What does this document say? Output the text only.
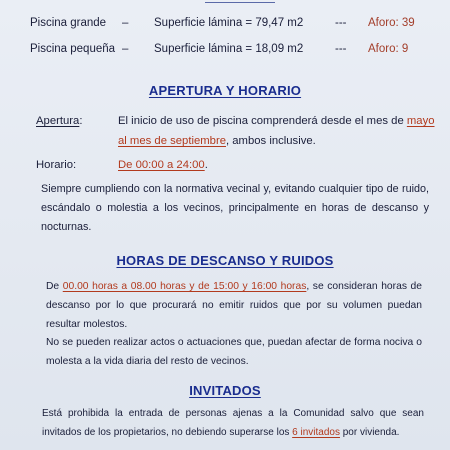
Piscina grande – Superficie lámina = 79,47 m2	--- Aforo: 39
Piscina pequeña – Superficie lámina = 18,09 m2	--- Aforo: 9
APERTURA Y HORARIO
Apertura:	El inicio de uso de piscina comprenderá desde el mes de mayo
al mes de septiembre, ambos inclusive.
Horario:	De 00:00 a 24:00.
Siempre cumpliendo con la normativa vecinal y, evitando cualquier tipo de ruido, escándalo o molestia a los vecinos, principalmente en horas de descanso y nocturnas.
HORAS DE DESCANSO Y RUIDOS
De 00.00 horas a 08.00 horas y de 15:00 y 16:00 horas, se consideran horas de descanso por lo que procurará no emitir ruidos que por su volumen puedan resultar molestos.
No se pueden realizar actos o actuaciones que, puedan afectar de forma nociva o molesta a la vida diaria del resto de vecinos.
INVITADOS
Está prohibida la entrada de personas ajenas a la Comunidad salvo que sean invitados de los propietarios, no debiendo superarse los 6 invitados por vivienda.
